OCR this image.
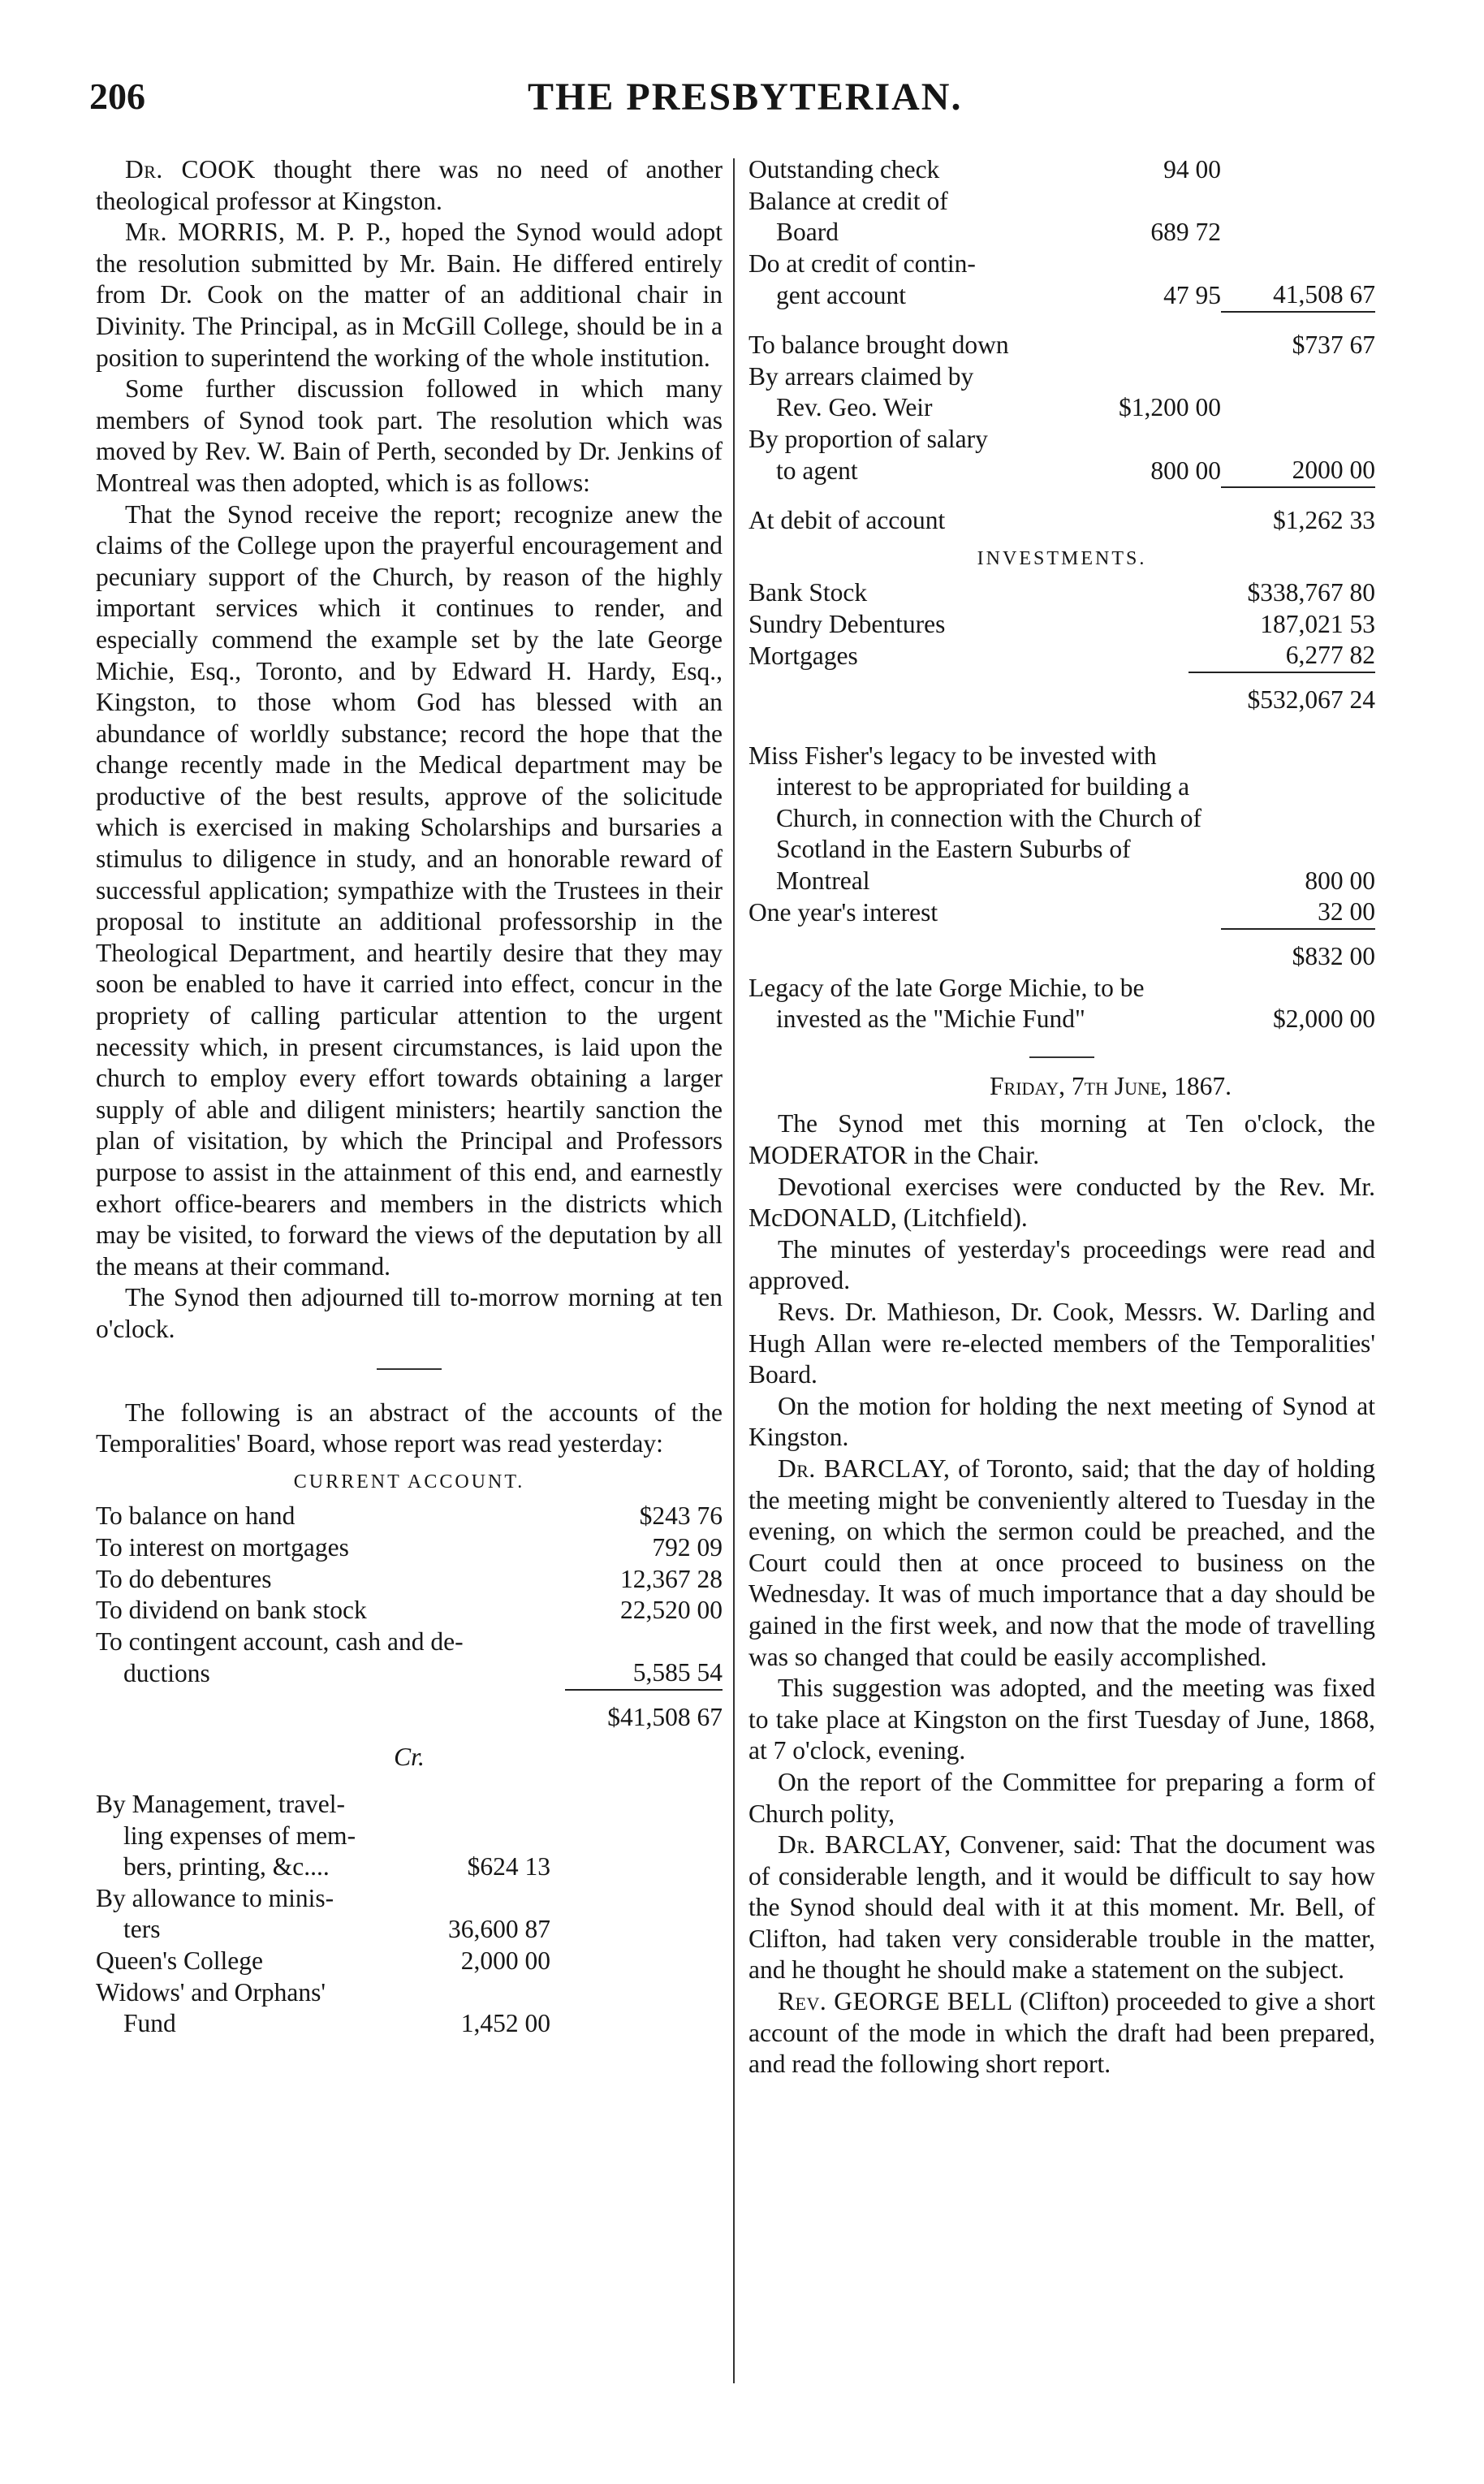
206	THE PRESBYTERIAN.

Dr. COOK thought there was no need of another theological professor at Kingston.

Mr. MORRIS, M. P. P., hoped the Synod would adopt the resolution submitted by Mr. Bain. He differed entirely from Dr. Cook on the matter of an additional chair in Divinity. The Principal, as in McGill College, should be in a position to superintend the working of the whole institution.

Some further discussion followed in which many members of Synod took part. The resolution which was moved by Rev. W. Bain of Perth, seconded by Dr. Jenkins of Montreal was then adopted, which is as follows:

That the Synod receive the report; recognize anew the claims of the College upon the prayerful encouragement and pecuniary support of the Church, by reason of the highly important services which it continues to render, and especially commend the example set by the late George Michie, Esq., Toronto, and by Edward H. Hardy, Esq., Kingston, to those whom God has blessed with an abundance of worldly substance; record the hope that the change recently made in the Medical department may be productive of the best results, approve of the solicitude which is exercised in making Scholarships and bursaries a stimulus to diligence in study, and an honorable reward of successful application; sympathize with the Trustees in their proposal to institute an additional professorship in the Theological Department, and heartily desire that they may soon be enabled to have it carried into effect, concur in the propriety of calling particular attention to the urgent necessity which, in present circumstances, is laid upon the church to employ every effort towards obtaining a larger supply of able and diligent ministers; heartily sanction the plan of visitation, by which the Principal and Professors purpose to assist in the attainment of this end, and earnestly exhort office-bearers and members in the districts which may be visited, to forward the views of the deputation by all the means at their command.

The Synod then adjourned till to-morrow morning at ten o'clock.

The following is an abstract of the accounts of the Temporalities' Board, whose report was read yesterday:

CURRENT ACCOUNT.
To balance on hand	$243 76
To interest on mortgages	792 09
To do debentures	12,367 28
To dividend on bank stock	22,520 00
To contingent account, cash and de-	
ductions	5,585 54
	$41,508 67
Cr.
By Management, travel-	
ling expenses of mem-	
bers, printing, &c....	$624 13
By allowance to minis-	
ters	36,600 87
Queen's College	2,000 00
Widows' and Orphans'	
Fund	1,452 00
Outstanding check	94 00	
Balance at credit of		
Board	689 72	
Do at credit of contin-		
gent account	47 95	41,508 67

To balance brought down		$737 67
By arrears claimed by		
Rev. Geo. Weir	$1,200 00	
By proportion of salary		
to agent	800 00	2000 00

At debit of account		$1,262 33
INVESTMENTS.
Bank Stock	$338,767 80
Sundry Debentures	187,021 53
Mortgages	6,277 82
	$532,067 24
Miss Fisher's legacy to be invested with interest to be appropriated for building a Church, in connection with the Church of Scotland in the Eastern Suburbs of Montreal	800 00
One year's interest	32 00
	$832 00

Legacy of the late Gorge Michie, to be invested as the "Michie Fund"	$2,000 00
Friday, 7th June, 1867.

The Synod met this morning at Ten o'clock, the MODERATOR in the Chair.

Devotional exercises were conducted by the Rev. Mr. McDONALD, (Litchfield).

The minutes of yesterday's proceedings were read and approved.

Revs. Dr. Mathieson, Dr. Cook, Messrs. W. Darling and Hugh Allan were re-elected members of the Temporalities' Board.

On the motion for holding the next meeting of Synod at Kingston.

Dr. BARCLAY, of Toronto, said; that the day of holding the meeting might be conveniently altered to Tuesday in the evening, on which the sermon could be preached, and the Court could then at once proceed to business on the Wednesday. It was of much importance that a day should be gained in the first week, and now that the mode of travelling was so changed that could be easily accomplished.

This suggestion was adopted, and the meeting was fixed to take place at Kingston on the first Tuesday of June, 1868, at 7 o'clock, evening.

On the report of the Committee for preparing a form of Church polity,

Dr. BARCLAY, Convener, said: That the document was of considerable length, and it would be difficult to say how the Synod should deal with it at this moment. Mr. Bell, of Clifton, had taken very considerable trouble in the matter, and he thought he should make a statement on the subject.

Rev. GEORGE BELL (Clifton) proceeded to give a short account of the mode in which the draft had been prepared, and read the following short report.
